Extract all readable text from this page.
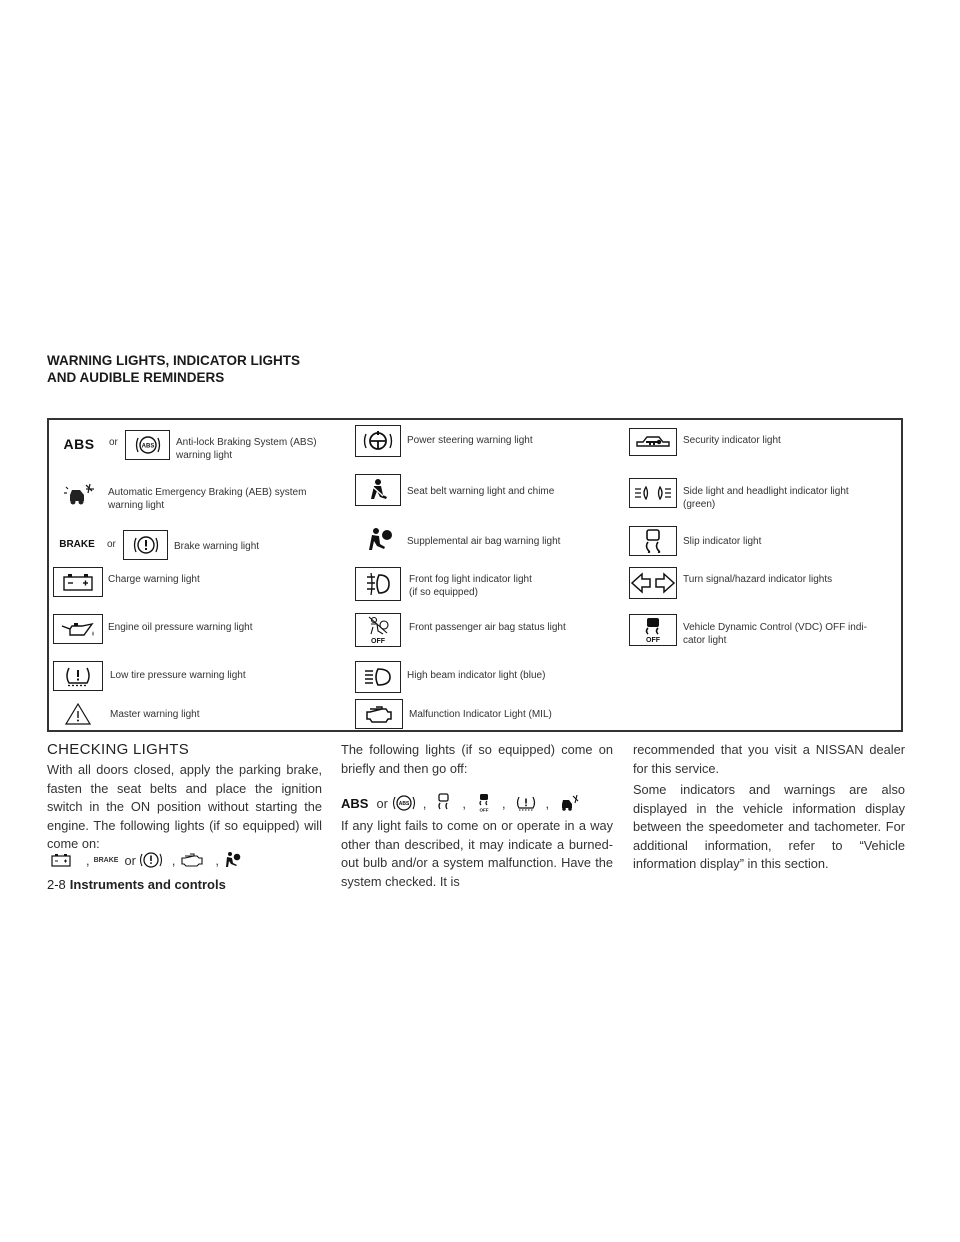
WARNING LIGHTS, INDICATOR LIGHTS
AND AUDIBLE REMINDERS
ABS or	ABS Anti-lock Braking System (ABS)
warning light
Automatic Emergency Braking (AEB) system
warning light
BRAKE or	Brake warning light
Charge warning light
Engine oil pressure warning light
Low tire pressure warning light
Master warning light
Power steering warning light
Seat belt warning light and chime
Supplemental air bag warning light
Front fog light indicator light
(if so equipped)
OFF
Front passenger air bag status light
High beam indicator light (blue)
Malfunction Indicator Light (MIL)
Security indicator light
Side light and headlight indicator light
(green)
Slip indicator light
Turn signal/hazard indicator lights
OFF
Vehicle Dynamic Control (VDC) OFF indi-
cator light
CHECKING LIGHTS

With all doors closed, apply the parking brake, fasten the seat belts and place the ignition switch in the ON position without starting the engine. The following lights (if so equipped) will come on:

, BRAKE or	,	,
2-8 Instruments and controls

The following lights (if so equipped) come on briefly and then go off:

ABS or ABS ,	,	OFF ,	,

If any light fails to come on or operate in a way other than described, it may indicate a burned-out bulb and/or a system malfunction. Have the system checked. It is

recommended that you visit a NISSAN dealer for this service.

Some indicators and warnings are also displayed in the vehicle information display between the speedometer and tachometer. For additional information, refer to “Vehicle information display” in this section.
